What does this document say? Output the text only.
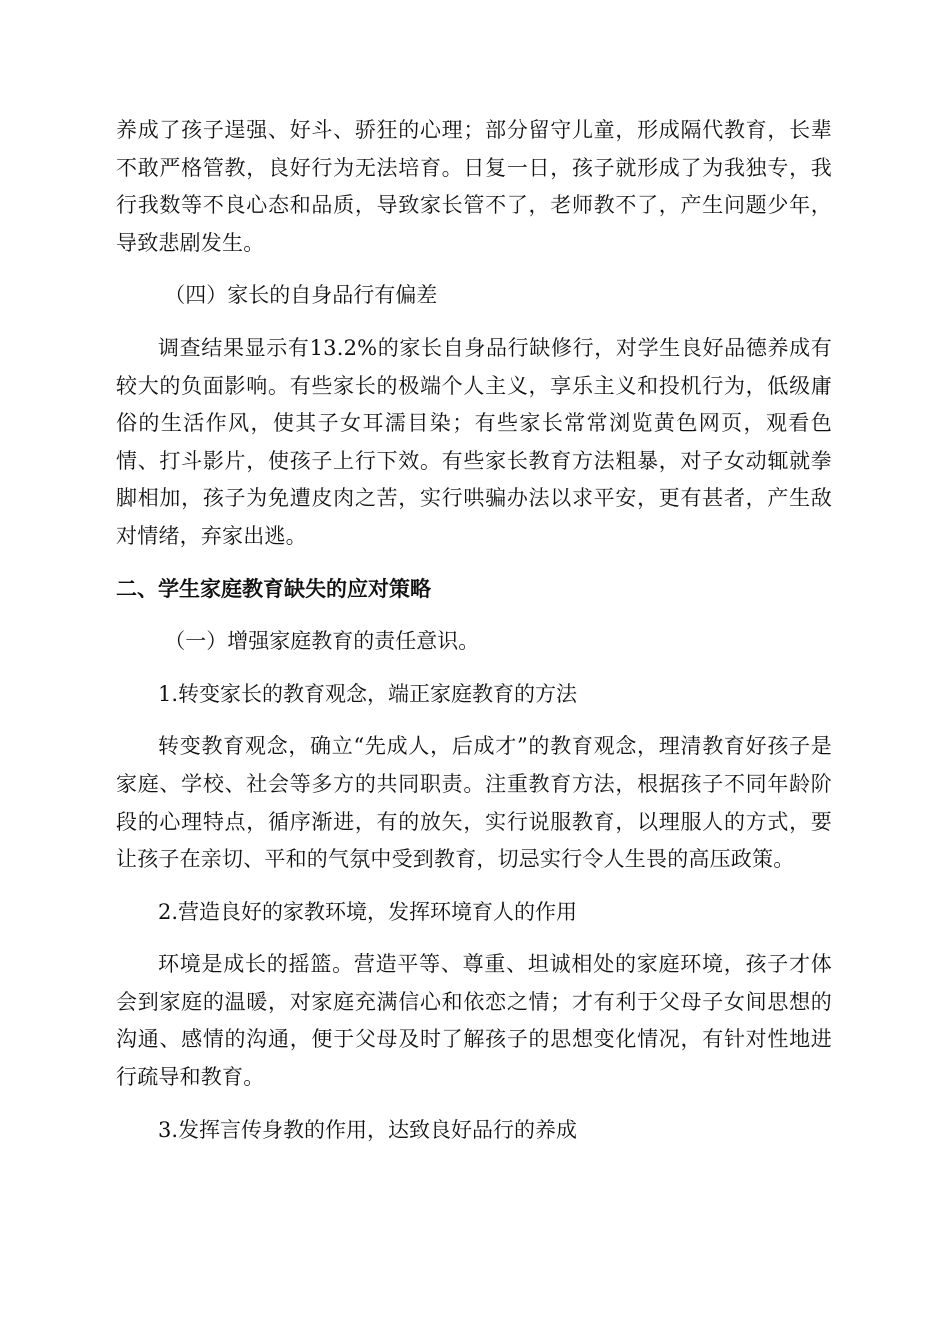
养成了孩子逞强、好斗、骄狂的心理；部分留守儿童，形成隔代教育，长辈不敢严格管教，良好行为无法培育。日复一日，孩子就形成了为我独专，我行我数等不良心态和品质，导致家长管不了，老师教不了，产生问题少年，导致悲剧发生。

（四）家长的自身品行有偏差

调查结果显示有13.2%的家长自身品行缺修行，对学生良好品德养成有较大的负面影响。有些家长的极端个人主义，享乐主义和投机行为，低级庸俗的生活作风，使其子女耳濡目染；有些家长常常浏览黄色网页，观看色情、打斗影片，使孩子上行下效。有些家长教育方法粗暴，对子女动辄就拳脚相加，孩子为免遭皮肉之苦，实行哄骗办法以求平安，更有甚者，产生敌对情绪，弃家出逃。

二、学生家庭教育缺失的应对策略

（一）增强家庭教育的责任意识。

1.转变家长的教育观念，端正家庭教育的方法

转变教育观念，确立“先成人，后成才”的教育观念，理清教育好孩子是家庭、学校、社会等多方的共同职责。注重教育方法，根据孩子不同年龄阶段的心理特点，循序渐进，有的放矢，实行说服教育，以理服人的方式，要让孩子在亲切、平和的气氛中受到教育，切忌实行令人生畏的高压政策。

2.营造良好的家教环境，发挥环境育人的作用

环境是成长的摇篮。营造平等、尊重、坦诚相处的家庭环境，孩子才体会到家庭的温暖，对家庭充满信心和依恋之情；才有利于父母子女间思想的沟通、感情的沟通，便于父母及时了解孩子的思想变化情况，有针对性地进行疏导和教育。

3.发挥言传身教的作用，达致良好品行的养成
